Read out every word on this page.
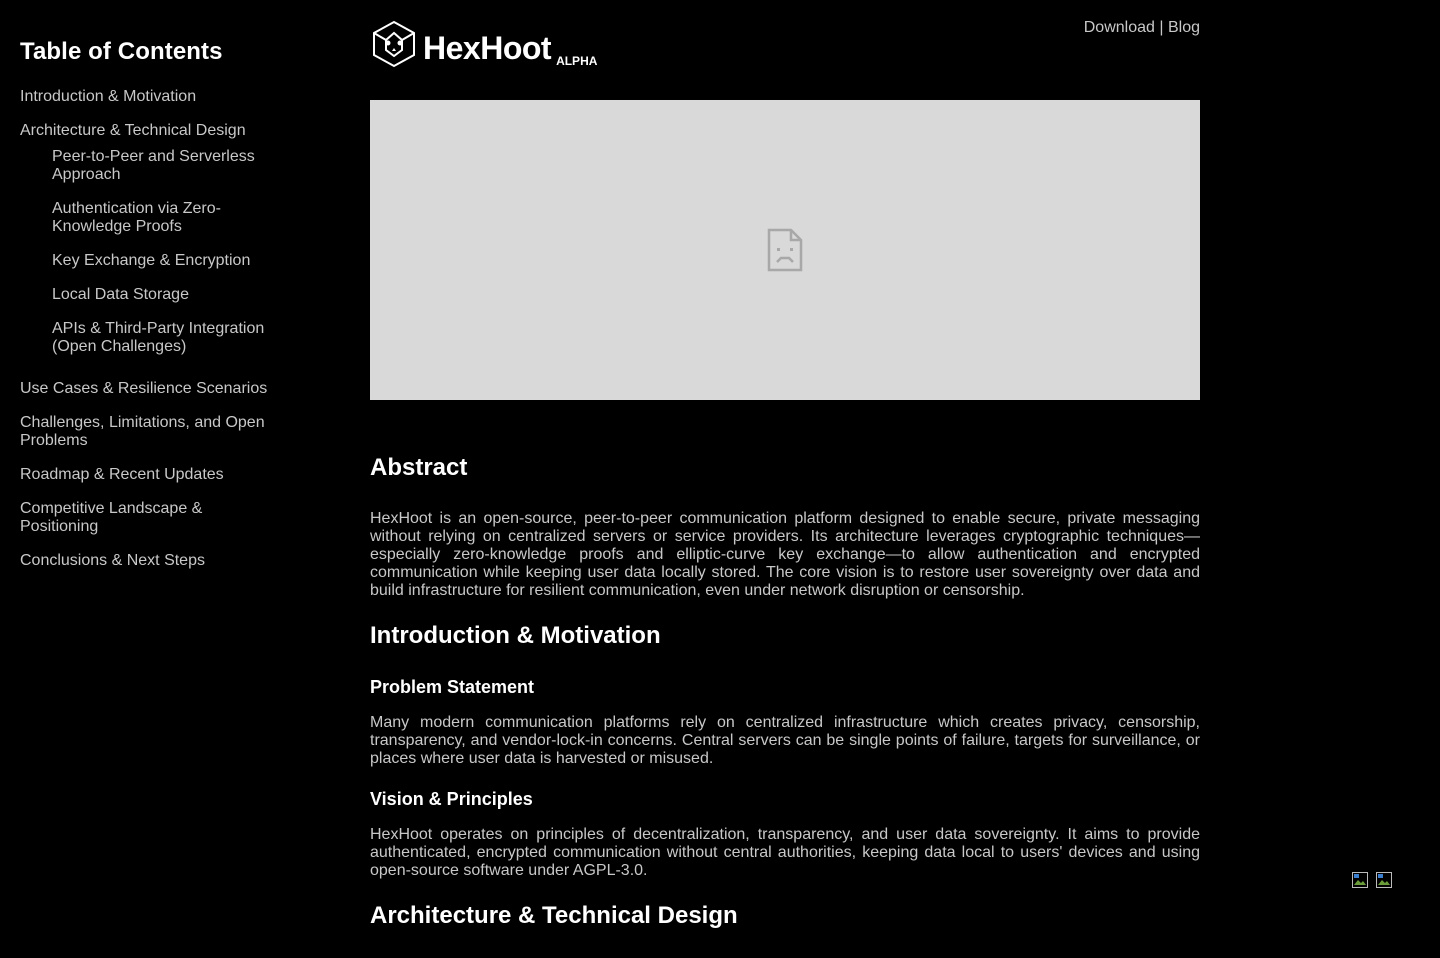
Table of Contents
Introduction & Motivation
Architecture & Technical Design
Peer-to-Peer and Serverless Approach
Authentication via Zero-Knowledge Proofs
Key Exchange & Encryption
Local Data Storage
APIs & Third-Party Integration (Open Challenges)
Use Cases & Resilience Scenarios
Challenges, Limitations, and Open Problems
Roadmap & Recent Updates
Competitive Landscape & Positioning
Conclusions & Next Steps
HexHoot ALPHA
Download | Blog
Abstract

HexHoot is an open-source, peer-to-peer communication platform designed to enable secure, private messaging without relying on centralized servers or service providers. Its architecture leverages cryptographic techniques—especially zero-knowledge proofs and elliptic-curve key exchange—to allow authentication and encrypted communication while keeping user data locally stored. The core vision is to restore user sovereignty over data and build infrastructure for resilient communication, even under network disruption or censorship.

Introduction & Motivation
Problem Statement

Many modern communication platforms rely on centralized infrastructure which creates privacy, censorship, transparency, and vendor-lock-in concerns. Central servers can be single points of failure, targets for surveillance, or places where user data is harvested or misused.

Vision & Principles

HexHoot operates on principles of decentralization, transparency, and user data sovereignty. It aims to provide authenticated, encrypted communication without central authorities, keeping data local to users' devices and using open-source software under AGPL-3.0.

Architecture & Technical Design
